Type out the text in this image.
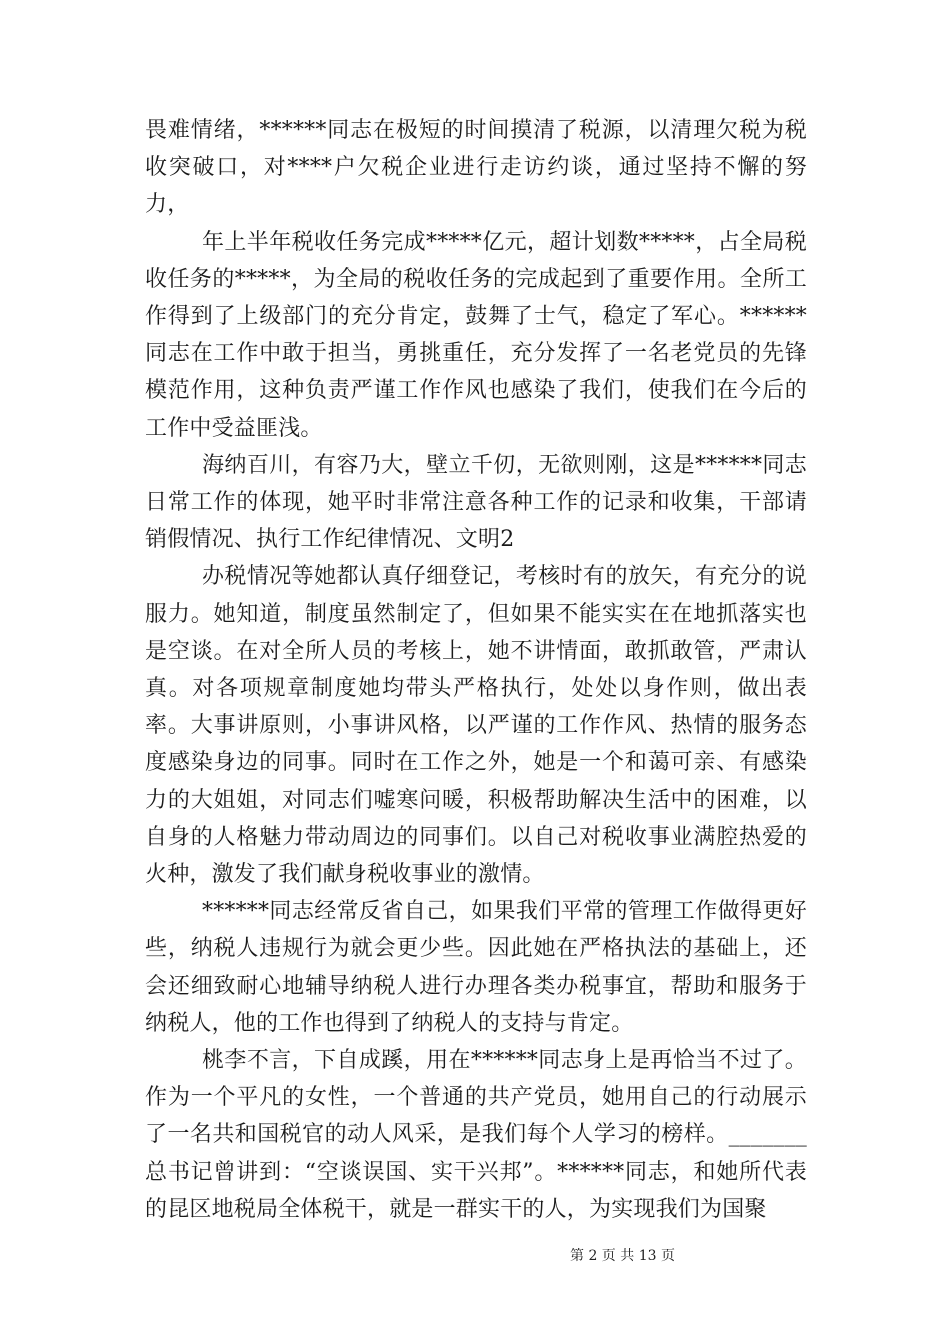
畏难情绪，******同志在极短的时间摸清了税源，以清理欠税为税收突破口，对****户欠税企业进行走访约谈，通过坚持不懈的努力，

年上半年税收任务完成*****亿元，超计划数*****，占全局税收任务的*****，为全局的税收任务的完成起到了重要作用。全所工作得到了上级部门的充分肯定，鼓舞了士气，稳定了军心。******同志在工作中敢于担当，勇挑重任，充分发挥了一名老党员的先锋模范作用，这种负责严谨工作作风也感染了我们，使我们在今后的工作中受益匪浅。

海纳百川，有容乃大，壁立千仞，无欲则刚，这是******同志日常工作的体现，她平时非常注意各种工作的记录和收集，干部请销假情况、执行工作纪律情况、文明2

办税情况等她都认真仔细登记，考核时有的放矢，有充分的说服力。她知道，制度虽然制定了，但如果不能实实在在地抓落实也是空谈。在对全所人员的考核上，她不讲情面，敢抓敢管，严肃认真。对各项规章制度她均带头严格执行，处处以身作则，做出表率。大事讲原则，小事讲风格，以严谨的工作作风、热情的服务态度感染身边的同事。同时在工作之外，她是一个和蔼可亲、有感染力的大姐姐，对同志们嘘寒问暖，积极帮助解决生活中的困难，以自身的人格魅力带动周边的同事们。以自己对税收事业满腔热爱的火种，激发了我们献身税收事业的激情。

******同志经常反省自己，如果我们平常的管理工作做得更好些，纳税人违规行为就会更少些。因此她在严格执法的基础上，还会还细致耐心地辅导纳税人进行办理各类办税事宜，帮助和服务于纳税人，他的工作也得到了纳税人的支持与肯定。

桃李不言，下自成蹊，用在******同志身上是再恰当不过了。作为一个平凡的女性，一个普通的共产党员，她用自己的行动展示了一名共和国税官的动人风采，是我们每个人学习的榜样。_______总书记曾讲到：“空谈误国、实干兴邦”。******同志，和她所代表的昆区地税局全体税干，就是一群实干的人，为实现我们为国聚

第 2 页 共 13 页
